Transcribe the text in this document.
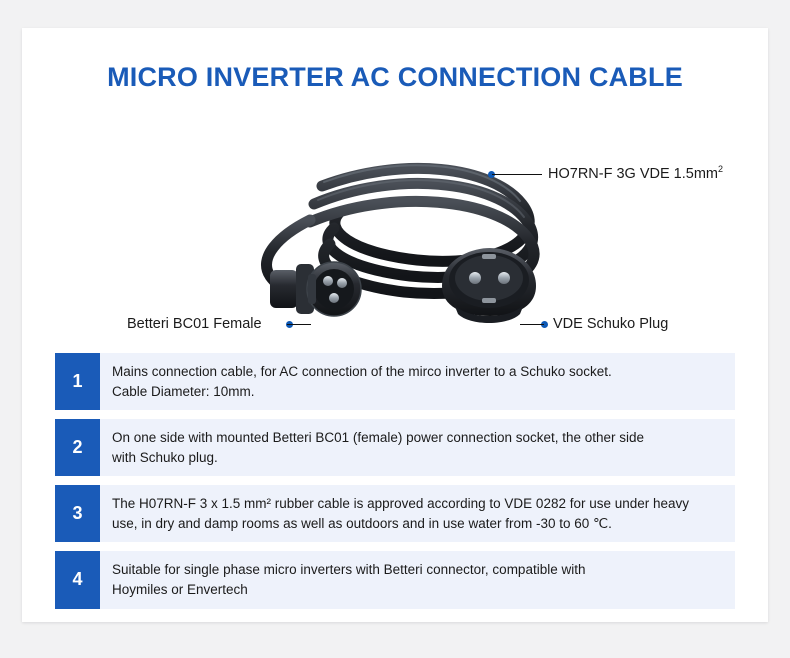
MICRO INVERTER AC CONNECTION CABLE
HO7RN-F 3G VDE $1.5mm^2$
Betteri BC01 Female	VDE Schuko Plug
1	Mains connection cable, for AC connection of the mirco inverter to a Schuko socket.
Cable Diameter: 10mm.
2	On one side with mounted Betteri BC01 (female) power connection socket, the other side
with Schuko plug.
3	The H07RN-F 3 x 1.5 mm² rubber cable is approved according to VDE 0282 for use under heavy
use, in dry and damp rooms as well as outdoors and in use water from -30 to 60 ℃.
4	Suitable for single phase micro inverters with Betteri connector, compatible with
Hoymiles or Envertech
